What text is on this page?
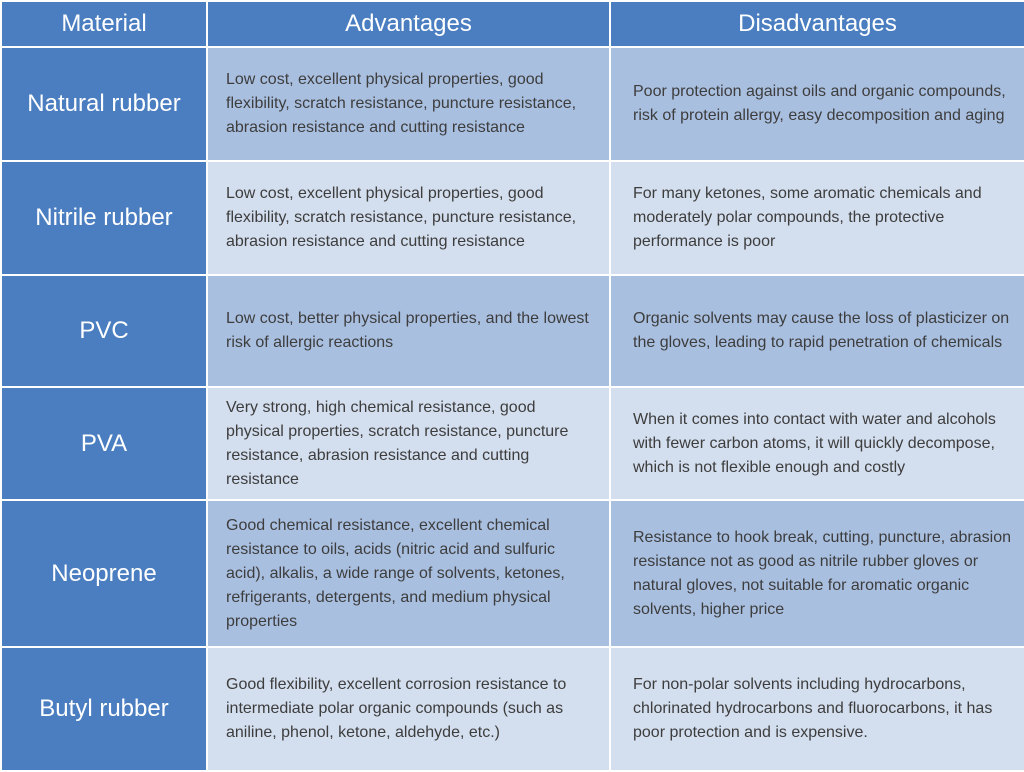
Material	Advantages	Disadvantages
Natural rubber	Low cost, excellent physical properties, good flexibility, scratch resistance, puncture resistance, abrasion resistance and cutting resistance	Poor protection against oils and organic compounds, risk of protein allergy, easy decomposition and aging
Nitrile rubber	Low cost, excellent physical properties, good flexibility, scratch resistance, puncture resistance, abrasion resistance and cutting resistance	For many ketones, some aromatic chemicals and moderately polar compounds, the protective performance is poor
PVC	Low cost, better physical properties, and the lowest risk of allergic reactions	Organic solvents may cause the loss of plasticizer on the gloves, leading to rapid penetration of chemicals
PVA	Very strong, high chemical resistance, good physical properties, scratch resistance, puncture resistance, abrasion resistance and cutting resistance	When it comes into contact with water and alcohols with fewer carbon atoms, it will quickly decompose, which is not flexible enough and costly
Neoprene	Good chemical resistance, excellent chemical resistance to oils, acids (nitric acid and sulfuric acid), alkalis, a wide range of solvents, ketones, refrigerants, detergents, and medium physical properties	Resistance to hook break, cutting, puncture, abrasion resistance not as good as nitrile rubber gloves or natural gloves, not suitable for aromatic organic solvents, higher price
Butyl rubber	Good flexibility, excellent corrosion resistance to intermediate polar organic compounds (such as aniline, phenol, ketone, aldehyde, etc.)	For non-polar solvents including hydrocarbons, chlorinated hydrocarbons and fluorocarbons, it has poor protection and is expensive.
